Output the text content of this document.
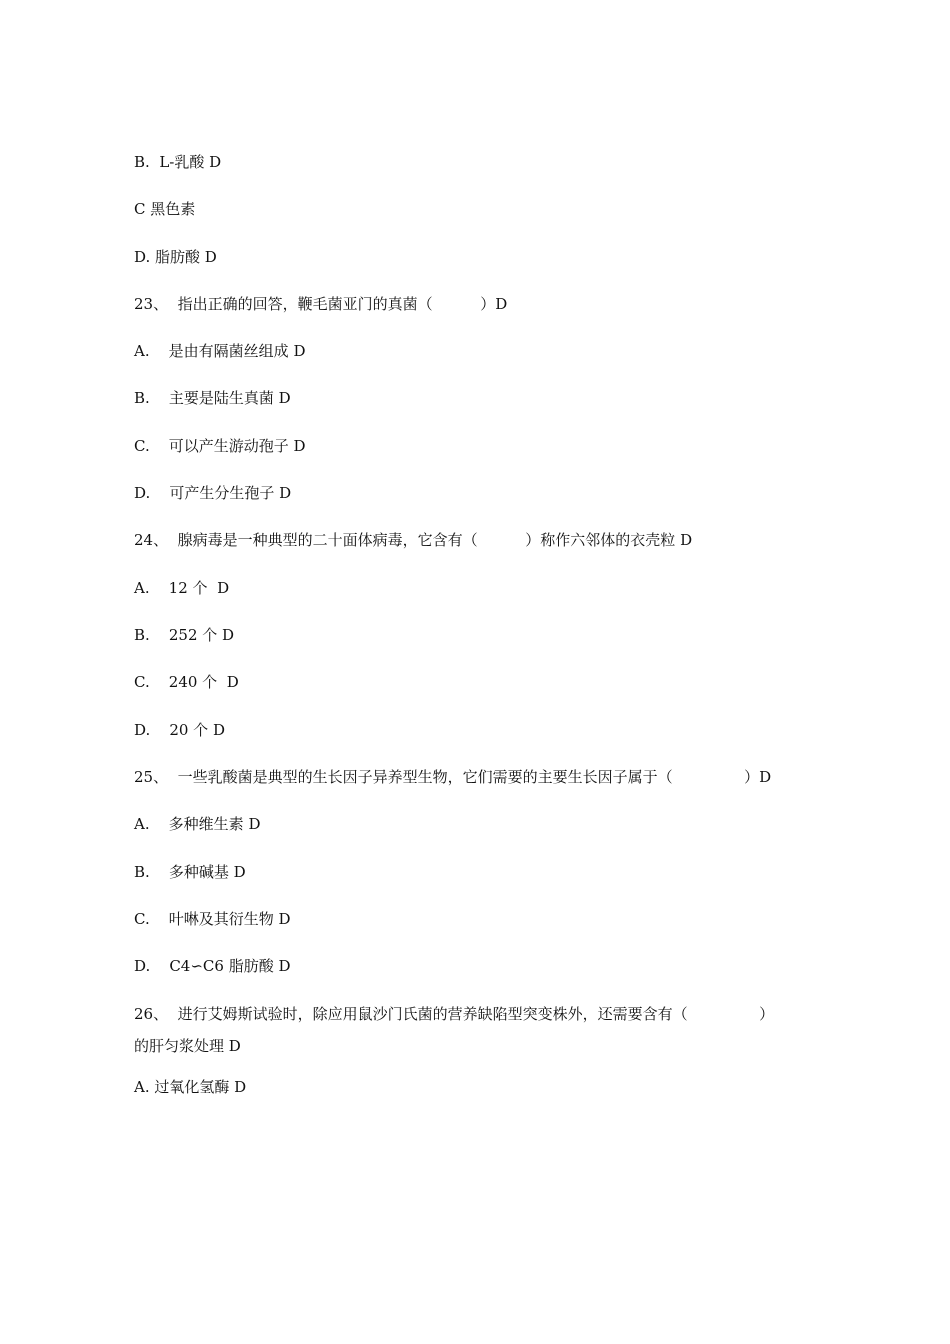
B.  L-乳酸 D
C 黑色素
D. 脂肪酸 D
23、  指出正确的回答，鞭毛菌亚门的真菌（          ）D
A.    是由有隔菌丝组成 D
B.    主要是陆生真菌 D
C.    可以产生游动孢子 D
D.    可产生分生孢子 D
24、  腺病毒是一种典型的二十面体病毒，它含有（          ）称作六邻体的衣壳粒 D
A.    12 个  D
B.    252 个 D
C.    240 个  D
D.    20 个 D
25、  一些乳酸菌是典型的生长因子异养型生物，它们需要的主要生长因子属于（               ）D
A.    多种维生素 D
B.    多种碱基 D
C.    叶啉及其衍生物 D
D.    C4∽C6 脂肪酸 D
26、  进行艾姆斯试验时，除应用鼠沙门氏菌的营养缺陷型突变株外，还需要含有（               ）
的肝匀浆处理 D
A. 过氧化氢酶 D
